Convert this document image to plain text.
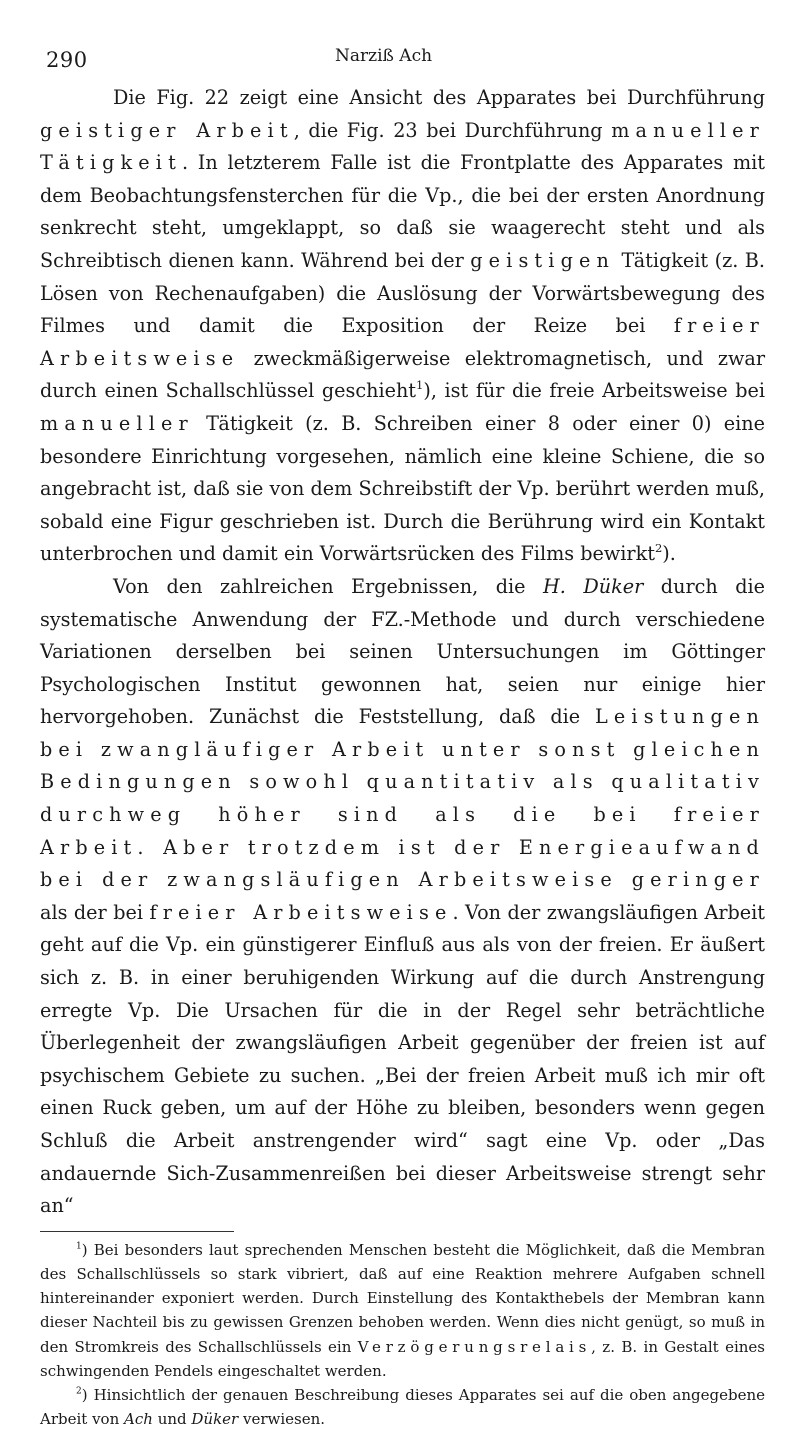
290	Narziß Ach

Die Fig. 22 zeigt eine Ansicht des Apparates bei Durchführung geistiger Arbeit, die Fig. 23 bei Durchführung manueller Tätigkeit. In letzterem Falle ist die Frontplatte des Apparates mit dem Beobachtungsfensterchen für die Vp., die bei der ersten Anordnung senkrecht steht, umgeklappt, so daß sie waagerecht steht und als Schreibtisch dienen kann. Während bei der geistigen Tätigkeit (z. B. Lösen von Rechenaufgaben) die Auslösung der Vorwärtsbewegung des Filmes und damit die Exposition der Reize bei freier Arbeitsweise zweckmäßigerweise elektromagnetisch, und zwar durch einen Schallschlüssel geschieht$^1$), ist für die freie Arbeitsweise bei manueller Tätigkeit (z. B. Schreiben einer 8 oder einer 0) eine besondere Einrichtung vorgesehen, nämlich eine kleine Schiene, die so angebracht ist, daß sie von dem Schreibstift der Vp. berührt werden muß, sobald eine Figur geschrieben ist. Durch die Berührung wird ein Kontakt unterbrochen und damit ein Vorwärtsrücken des Films bewirkt$^2$).

Von den zahlreichen Ergebnissen, die H. Düker durch die systematische Anwendung der FZ.-Methode und durch verschiedene Variationen derselben bei seinen Untersuchungen im Göttinger Psychologischen Institut gewonnen hat, seien nur einige hier hervorgehoben. Zunächst die Feststellung, daß die Leistungen bei zwangläufiger Arbeit unter sonst gleichen Bedingungen sowohl quantitativ als qualitativ durchweg höher sind als die bei freier Arbeit. Aber trotzdem ist der Energieaufwand bei der zwangsläufigen Arbeitsweise geringer als der bei freier Arbeitsweise. Von der zwangsläufigen Arbeit geht auf die Vp. ein günstigerer Einfluß aus als von der freien. Er äußert sich z. B. in einer beruhigenden Wirkung auf die durch Anstrengung erregte Vp. Die Ursachen für die in der Regel sehr beträchtliche Überlegenheit der zwangsläufigen Arbeit gegenüber der freien ist auf psychischem Gebiete zu suchen. „Bei der freien Arbeit muß ich mir oft einen Ruck geben, um auf der Höhe zu bleiben, besonders wenn gegen Schluß die Arbeit anstrengender wird“ sagt eine Vp. oder „Das andauernde Sich-Zusammenreißen bei dieser Arbeitsweise strengt sehr an“

$^1$) Bei besonders laut sprechenden Menschen besteht die Möglichkeit, daß die Membran des Schallschlüssels so stark vibriert, daß auf eine Reaktion mehrere Aufgaben schnell hintereinander exponiert werden. Durch Einstellung des Kontakthebels der Membran kann dieser Nachteil bis zu gewissen Grenzen behoben werden. Wenn dies nicht genügt, so muß in den Stromkreis des Schallschlüssels ein Verzögerungsrelais, z. B. in Gestalt eines schwingenden Pendels eingeschaltet werden.

$^2$) Hinsichtlich der genauen Beschreibung dieses Apparates sei auf die oben angegebene Arbeit von Ach und Düker verwiesen.
